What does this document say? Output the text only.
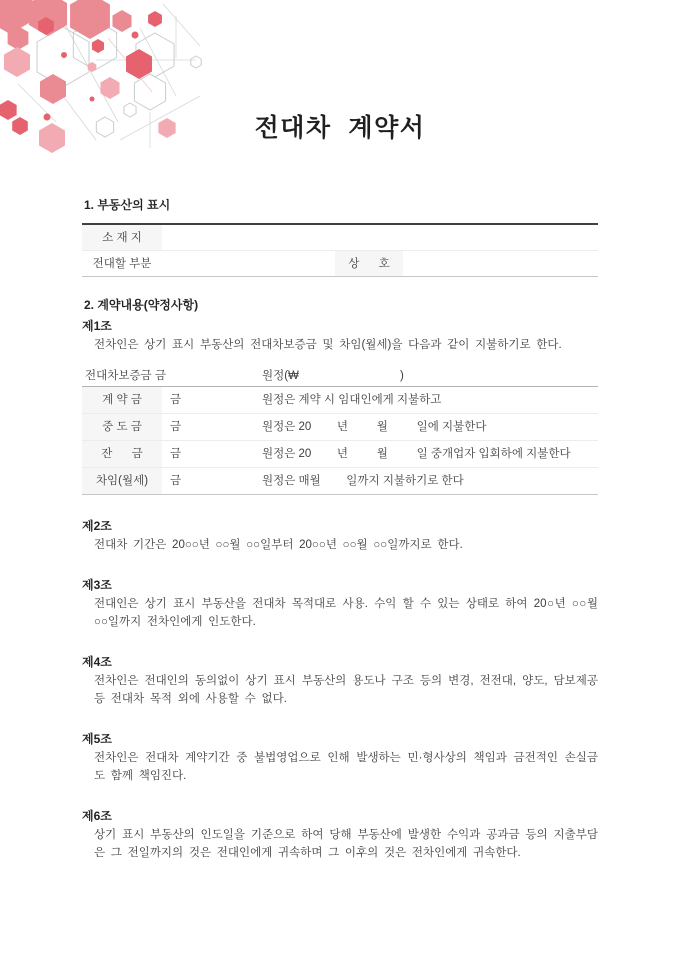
전대차  계약서
1. 부동산의 표시
소 재 지
전대할 부분	상      호
2. 계약내용(약정사항)
제1조

전차인은 상기 표시 부동산의 전대차보증금 및 차임(월세)을 다음과 같이 지불하기로 한다.

전대차보증금 금	원정(₩	)
계 약 금	금	원정은 계약 시 임대인에게 지불하고
중 도 금	금	원정은 20        년         월         일에 지불한다
잔      금	금	원정은 20        년         월         일 중개업자 입회하에 지불한다
차임(월세)	금	원정은 매월        일까지 지불하기로 한다
제2조

전대차 기간은 20○○년 ○○월 ○○일부터 20○○년 ○○월 ○○일까지로 한다.

제3조

전대인은 상기 표시 부동산을 전대차 목적대로 사용. 수익 할 수 있는 상태로 하여 20○년 ○○월 ○○일까지 전차인에게 인도한다.

제4조

전차인은 전대인의 동의없이 상기 표시 부동산의 용도나 구조 등의 변경, 전전대, 양도, 담보제공 등 전대차 목적 외에 사용할 수 없다.

제5조

전차인은 전대차 계약기간 중 불법영업으로 인해 발생하는 민·형사상의 책임과 금전적인 손실금도 함께 책임진다.

제6조

상기 표시 부동산의 인도일을 기준으로 하여 당해 부동산에 발생한 수익과 공과금 등의 지출부담은 그 전일까지의 것은 전대인에게 귀속하며 그 이후의 것은 전차인에게 귀속한다.
